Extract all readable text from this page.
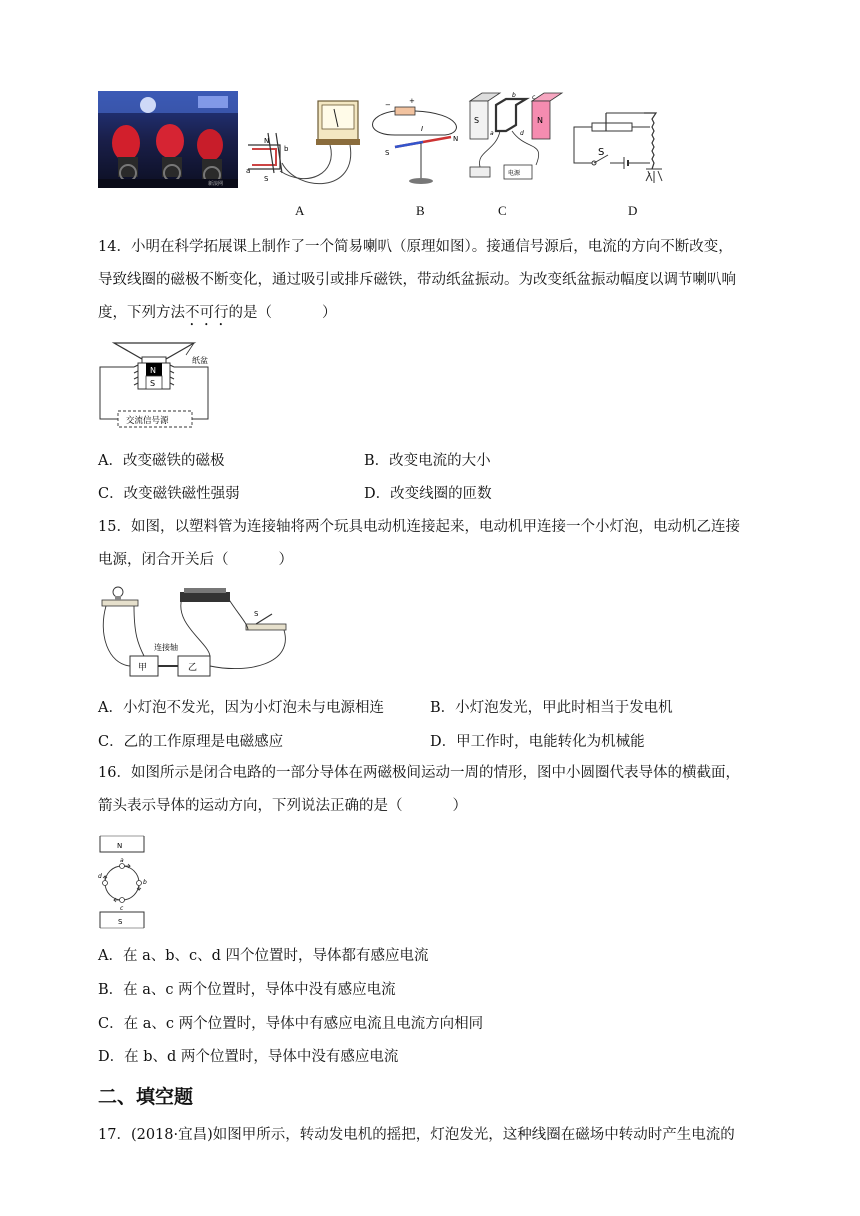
新浪网
N
b
a
S
−	+
I
N
S
S	N
b	c
a	d
电源
S
A	B	C	D
14．小明在科学拓展课上制作了一个简易喇叭（原理如图）。接通信号源后，电流的方向不断改变，
导致线圈的磁极不断变化，通过吸引或排斥磁铁，带动纸盆振动。为改变纸盆振动幅度以调节喇叭响
度，下列方法不可行的是（	）
纸盆
N
S
交流信号源
A．改变磁铁的磁极	B．改变电流的大小
C．改变磁铁磁性强弱	D．改变线圈的匝数
15．如图，以塑料管为连接轴将两个玩具电动机连接起来，电动机甲连接一个小灯泡，电动机乙连接
电源，闭合开关后（	）
S
连接轴
甲	乙
A．小灯泡不发光，因为小灯泡未与电源相连	B．小灯泡发光，甲此时相当于发电机
C．乙的工作原理是电磁感应	D．甲工作时，电能转化为机械能
16．如图所示是闭合电路的一部分导体在两磁极间运动一周的情形，图中小圆圈代表导体的横截面，
箭头表示导体的运动方向，下列说法正确的是（	）
N
a
b
c
d
S
A．在 a、b、c、d 四个位置时，导体都有感应电流
B．在 a、c 两个位置时，导体中没有感应电流
C．在 a、c 两个位置时，导体中有感应电流且电流方向相同
D．在 b、d 两个位置时，导体中没有感应电流
二、填空题
17．(2018·宜昌)如图甲所示，转动发电机的摇把，灯泡发光，这种线圈在磁场中转动时产生电流的
